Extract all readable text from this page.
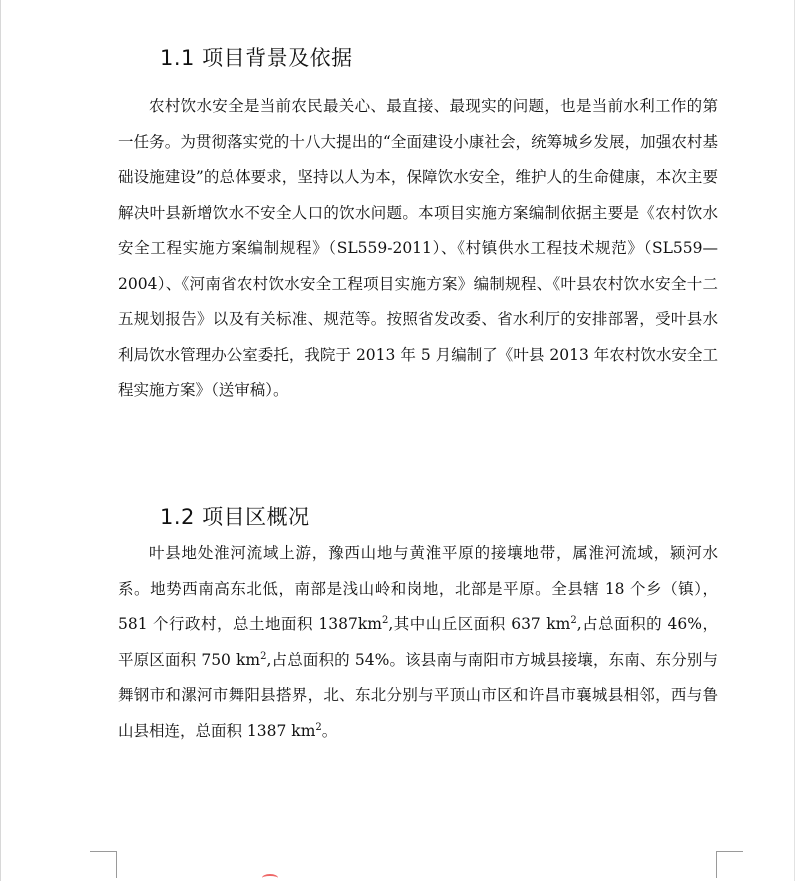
1.1 项目背景及依据
农村饮水安全是当前农民最关心、最直接、最现实的问题，也是当前水利工作的第一任务。为贯彻落实党的十八大提出的“全面建设小康社会，统筹城乡发展，加强农村基础设施建设”的总体要求，坚持以人为本，保障饮水安全，维护人的生命健康，本次主要解决叶县新增饮水不安全人口的饮水问题。本项目实施方案编制依据主要是《农村饮水安全工程实施方案编制规程》（SL559-2011）、《村镇供水工程技术规范》（SL559—2004）、《河南省农村饮水安全工程项目实施方案》编制规程、《叶县农村饮水安全十二五规划报告》以及有关标准、规范等。按照省发改委、省水利厅的安排部署，受叶县水利局饮水管理办公室委托，我院于 2013 年 5 月编制了《叶县 2013 年农村饮水安全工程实施方案》（送审稿）。
1.2 项目区概况
叶县地处淮河流域上游，豫西山地与黄淮平原的接壤地带，属淮河流域，颍河水系。地势西南高东北低，南部是浅山岭和岗地，北部是平原。全县辖 18 个乡（镇），581 个行政村，总土地面积 $1387km^2$,其中山丘区面积 637 $km^2$,占总面积的 46%，平原区面积 750 $km^2$,占总面积的 54%。该县南与南阳市方城县接壤，东南、东分别与舞钢市和漯河市舞阳县搭界，北、东北分别与平顶山市区和许昌市襄城县相邻，西与鲁山县相连，总面积 1387 $km^2$。
